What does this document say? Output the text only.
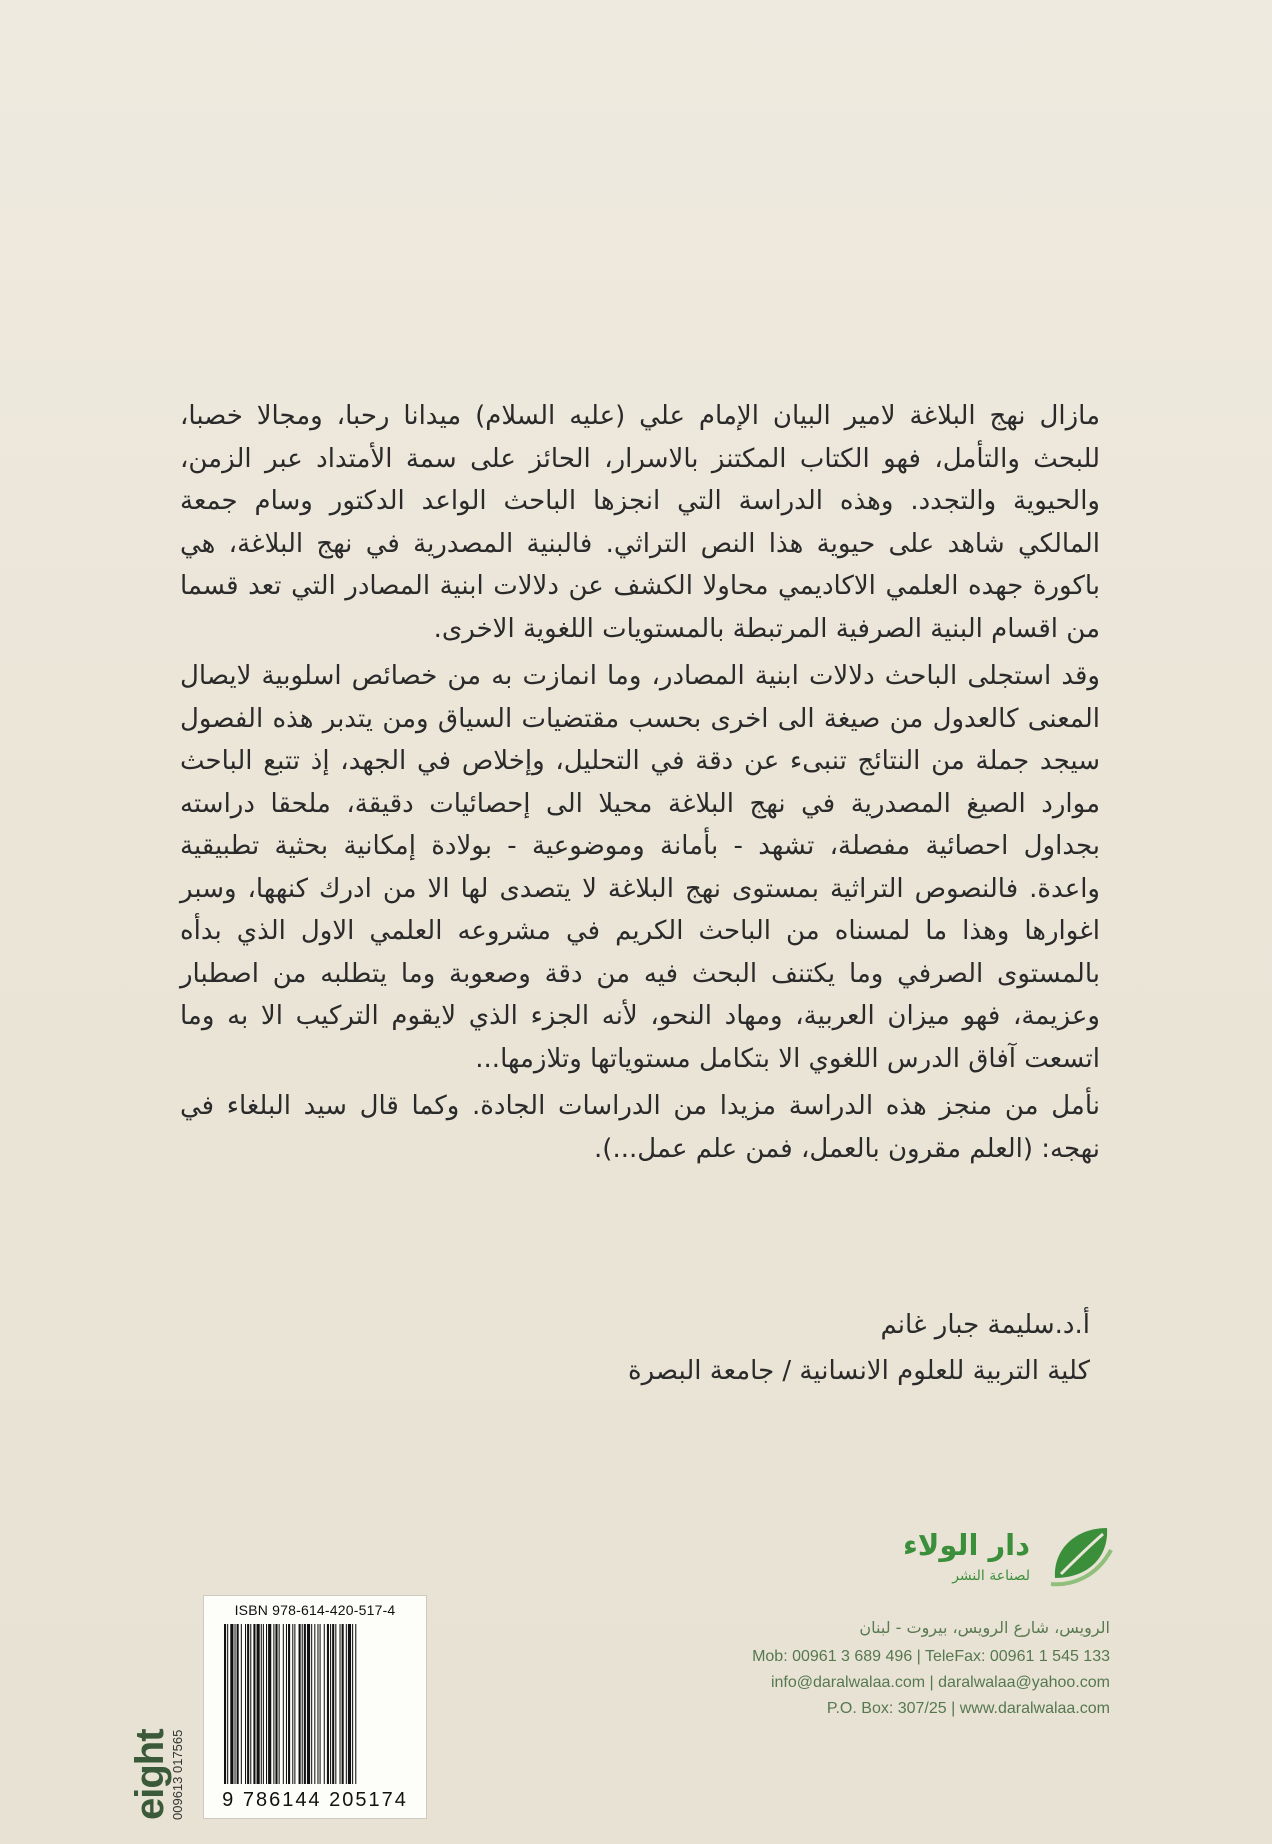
مازال نهج البلاغة لامير البيان الإمام علي (عليه السلام) ميدانا رحبا، ومجالا خصبا، للبحث والتأمل، فهو الكتاب المكتنز بالاسرار، الحائز على سمة الأمتداد عبر الزمن، والحيوية والتجدد. وهذه الدراسة التي انجزها الباحث الواعد الدكتور وسام جمعة المالكي شاهد على حيوية هذا النص التراثي. فالبنية المصدرية في نهج البلاغة، هي باكورة جهده العلمي الاكاديمي محاولا الكشف عن دلالات ابنية المصادر التي تعد قسما من اقسام البنية الصرفية المرتبطة بالمستويات اللغوية الاخرى.

وقد استجلى الباحث دلالات ابنية المصادر، وما انمازت به من خصائص اسلوبية لايصال المعنى كالعدول من صيغة الى اخرى بحسب مقتضيات السياق ومن يتدبر هذه الفصول سيجد جملة من النتائج تنبىء عن دقة في التحليل، وإخلاص في الجهد، إذ تتبع الباحث موارد الصيغ المصدرية في نهج البلاغة محيلا الى إحصائيات دقيقة، ملحقا دراسته بجداول احصائية مفصلة، تشهد - بأمانة وموضوعية - بولادة إمكانية بحثية تطبيقية واعدة. فالنصوص التراثية بمستوى نهج البلاغة لا يتصدى لها الا من ادرك كنهها، وسبر اغوارها وهذا ما لمسناه من الباحث الكريم في مشروعه العلمي الاول الذي بدأه بالمستوى الصرفي وما يكتنف البحث فيه من دقة وصعوبة وما يتطلبه من اصطبار وعزيمة، فهو ميزان العربية، ومهاد النحو، لأنه الجزء الذي لايقوم التركيب الا به وما اتسعت آفاق الدرس اللغوي الا بتكامل مستوياتها وتلازمها...

نأمل من منجز هذه الدراسة مزيدا من الدراسات الجادة. وكما قال سيد البلغاء في نهجه: (العلم مقرون بالعمل، فمن علم عمل...).

أ.د.سليمة جبار غانم
كلية التربية للعلوم الانسانية / جامعة البصرة
ISBN 978-614-420-517-4
9 786144 205174
eight
009613 017565
دار الولاء
لصناعة النشر
الرويس، شارع الرويس، بيروت - لبنان
Mob: 00961 3 689 496 | TeleFax: 00961 1 545 133
info@daralwalaa.com | daralwalaa@yahoo.com
P.O. Box: 307/25 | www.daralwalaa.com
